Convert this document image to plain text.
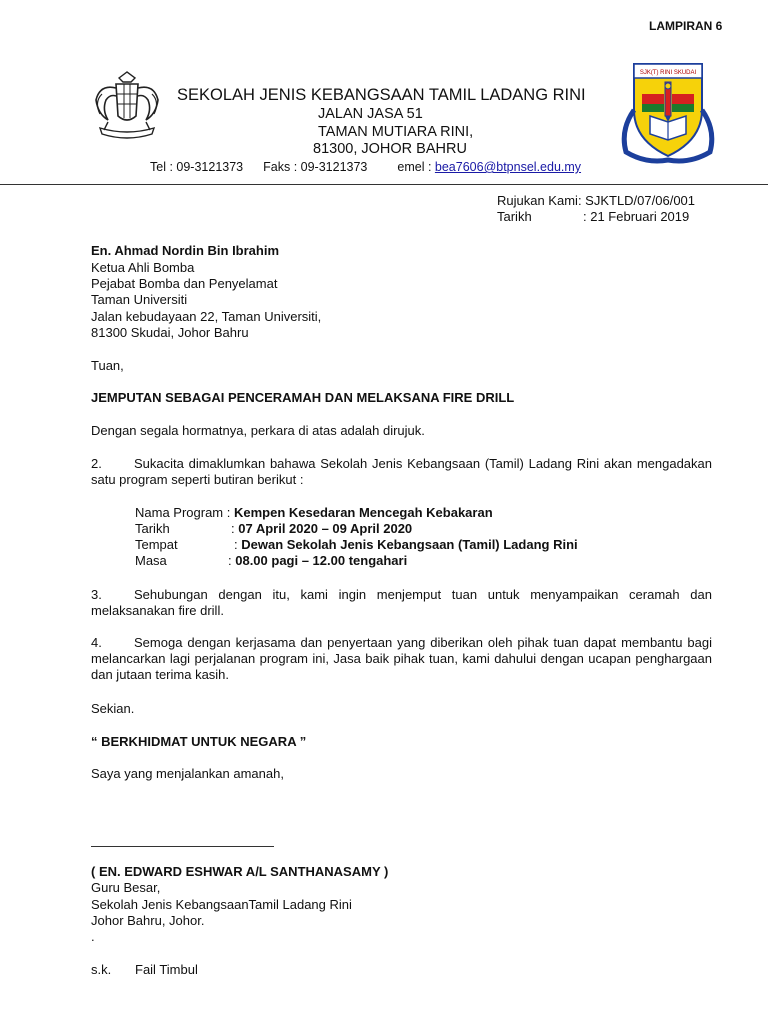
LAMPIRAN 6
SEKOLAH JENIS KEBANGSAAN TAMIL LADANG RINI
JALAN JASA 51
TAMAN MUTIARA RINI,
81300, JOHOR BAHRU
SJK(T) RINI SKUDAI
Tel : 09-3121373 Faks : 09-3121373 emel : bea7606@btpnsel.edu.my
Rujukan Kami: SJKTLD/07/06/001
Tarikh	: 21 Februari 2019
En. Ahmad Nordin Bin Ibrahim
Ketua Ahli Bomba
Pejabat Bomba dan Penyelamat
Taman Universiti
Jalan kebudayaan 22, Taman Universiti,
81300 Skudai, Johor Bahru
Tuan,
JEMPUTAN SEBAGAI PENCERAMAH DAN MELAKSANA FIRE DRILL
Dengan segala hormatnya, perkara di atas adalah dirujuk.
2. Sukacita dimaklumkan bahawa Sekolah Jenis Kebangsaan (Tamil) Ladang Rini akan mengadakan satu program seperti butiran berikut :
Nama Program : Kempen Kesedaran Mencegah Kebakaran
Tarikh	: 07 April 2020 – 09 April 2020
Tempat	: Dewan Sekolah Jenis Kebangsaan (Tamil) Ladang Rini
Masa	: 08.00 pagi – 12.00 tengahari
3. Sehubungan dengan itu, kami ingin menjemput tuan untuk menyampaikan ceramah dan melaksanakan fire drill.
4. Semoga dengan kerjasama dan penyertaan yang diberikan oleh pihak tuan dapat membantu bagi melancarkan lagi perjalanan program ini, Jasa baik pihak tuan, kami dahului dengan ucapan penghargaan dan jutaan terima kasih.
Sekian.
“ BERKHIDMAT UNTUK NEGARA ”
Saya yang menjalankan amanah,
( EN. EDWARD ESHWAR A/L SANTHANASAMY )
Guru Besar,
Sekolah Jenis KebangsaanTamil Ladang Rini
Johor Bahru, Johor.
.
s.k. Fail Timbul
